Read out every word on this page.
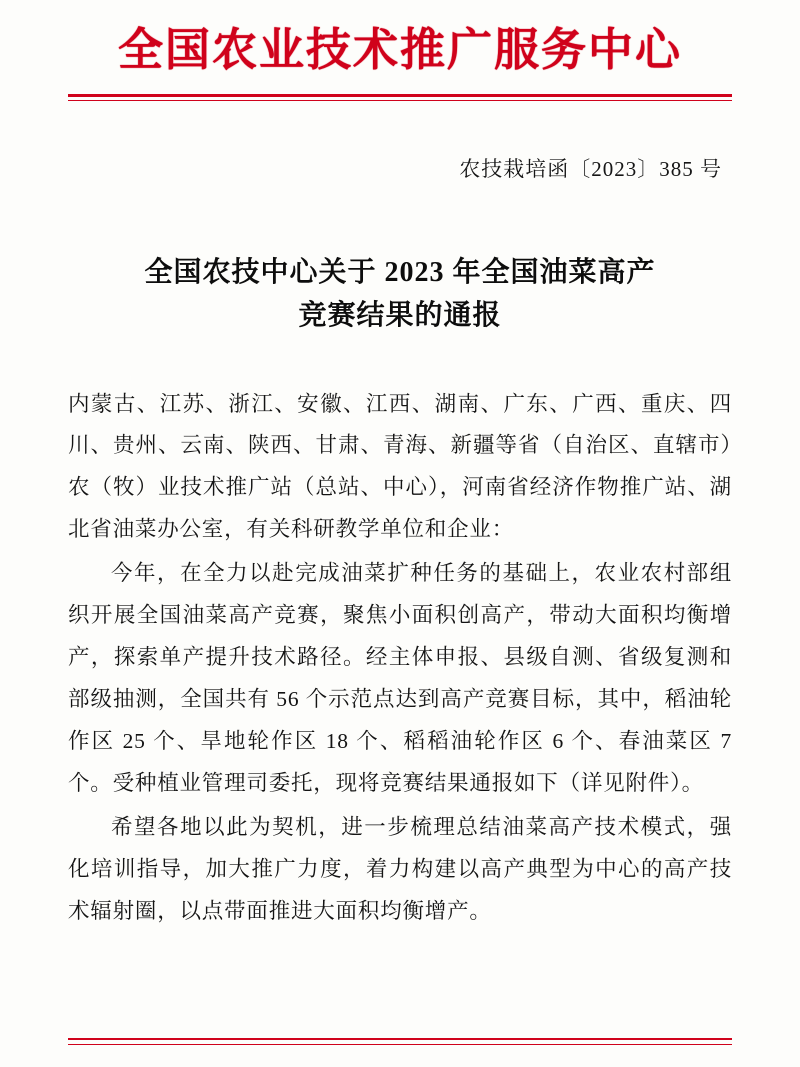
全国农业技术推广服务中心
农技栽培函〔2023〕385 号
全国农技中心关于 2023 年全国油菜高产
竞赛结果的通报

内蒙古、江苏、浙江、安徽、江西、湖南、广东、广西、重庆、四川、贵州、云南、陕西、甘肃、青海、新疆等省（自治区、直辖市）农（牧）业技术推广站（总站、中心），河南省经济作物推广站、湖北省油菜办公室，有关科研教学单位和企业：

今年，在全力以赴完成油菜扩种任务的基础上，农业农村部组织开展全国油菜高产竞赛，聚焦小面积创高产，带动大面积均衡增产，探索单产提升技术路径。经主体申报、县级自测、省级复测和部级抽测，全国共有 56 个示范点达到高产竞赛目标，其中，稻油轮作区 25 个、旱地轮作区 18 个、稻稻油轮作区 6 个、春油菜区 7 个。受种植业管理司委托，现将竞赛结果通报如下（详见附件）。

希望各地以此为契机，进一步梳理总结油菜高产技术模式，强化培训指导，加大推广力度，着力构建以高产典型为中心的高产技术辐射圈，以点带面推进大面积均衡增产。
